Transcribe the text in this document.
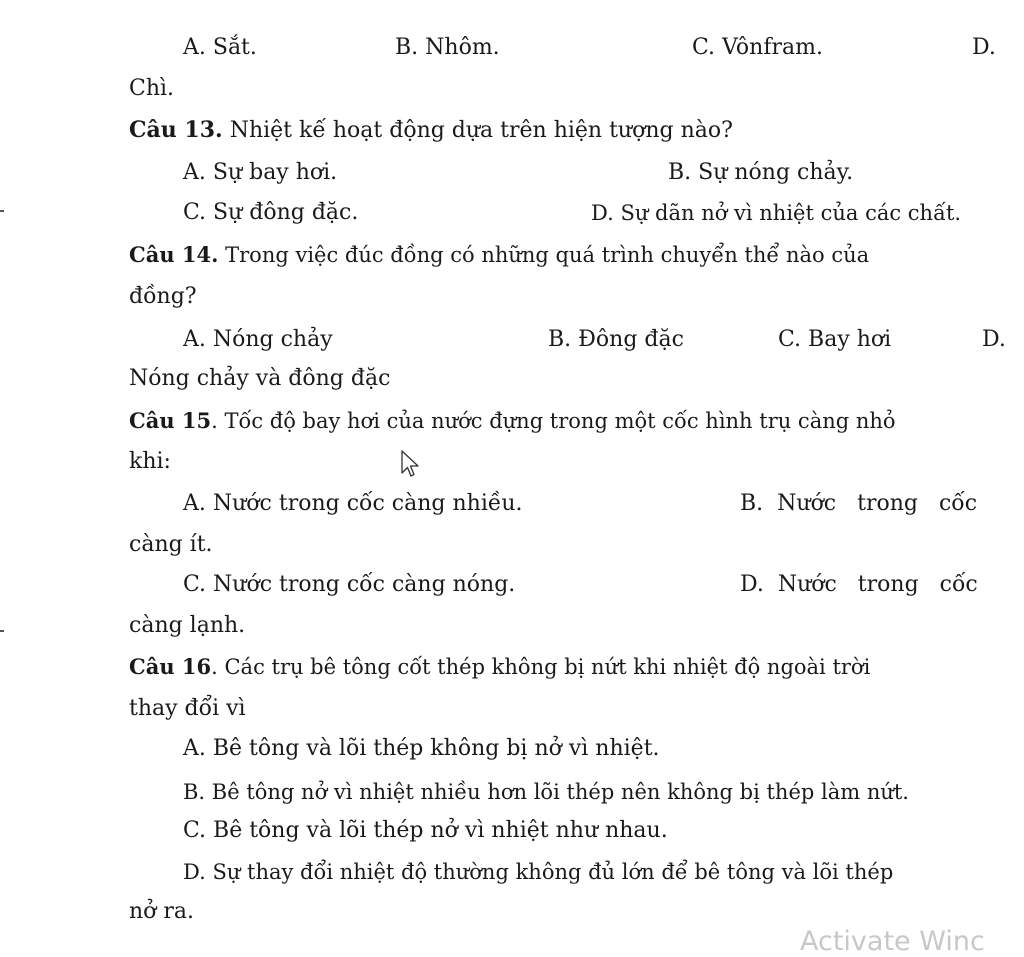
A. Sắt.	B. Nhôm.	C. Vônfram.	D.
Chì.
Câu 13. Nhiệt kế hoạt động dựa trên hiện tượng nào?
A. Sự bay hơi.	B. Sự nóng chảy.
C. Sự đông đặc.	D. Sự dãn nở vì nhiệt của các chất.
Câu 14. Trong việc đúc đồng có những quá trình chuyển thể nào của
đồng?
A. Nóng chảy	B. Đông đặc	C. Bay hơi	D.
Nóng chảy và đông đặc
Câu 15. Tốc độ bay hơi của nước đựng trong một cốc hình trụ càng nhỏ
khi:
A. Nước trong cốc càng nhiều.	B.  Nước   trong   cốc
càng ít.
C. Nước trong cốc càng nóng.	D.  Nước   trong   cốc
càng lạnh.
Câu 16. Các trụ bê tông cốt thép không bị nứt khi nhiệt độ ngoài trời
thay đổi vì
A. Bê tông và lõi thép không bị nở vì nhiệt.
B. Bê tông nở vì nhiệt nhiều hơn lõi thép nên không bị thép làm nứt.
C. Bê tông và lõi thép nở vì nhiệt như nhau.
D. Sự thay đổi nhiệt độ thường không đủ lớn để bê tông và lõi thép
nở ra.
Activate Winc
